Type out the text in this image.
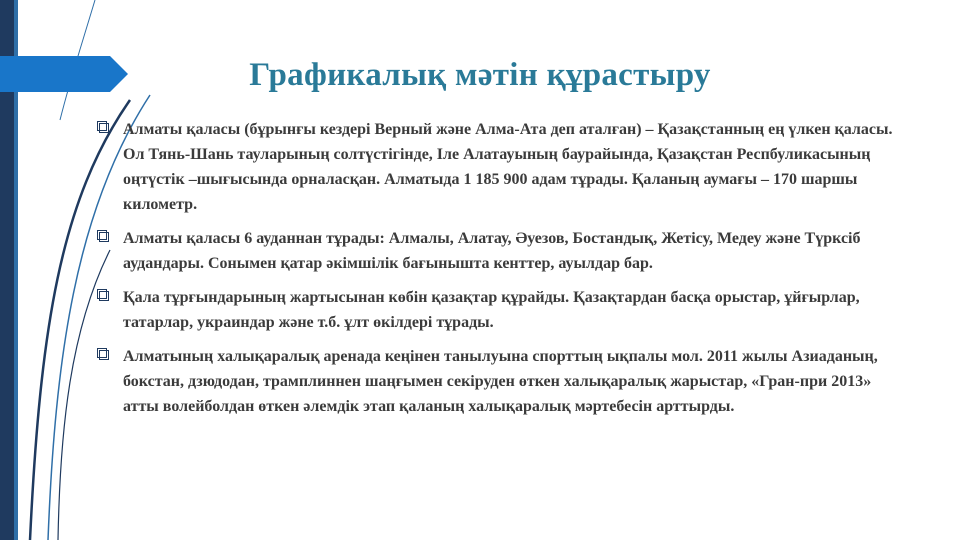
Графикалық мәтін құрастыру
Алматы қаласы (бұрынғы кездері Верный және Алма-Ата деп аталған) – Қазақстанның ең үлкен қаласы. Ол Тянь-Шань тауларының солтүстігінде, Іле Алатауының баурайында, Қазақстан Респбуликасының оңтүстік –шығысында орналасқан. Алматыда 1 185 900 адам тұрады. Қаланың аумағы – 170 шаршы километр.
Алматы қаласы 6 ауданнан тұрады: Алмалы, Алатау, Әуезов, Бостандық, Жетісу, Медеу және Түрксіб аудандары. Сонымен қатар әкімшілік бағынышта кенттер, ауылдар бар.
Қала тұрғындарының жартысынан көбін қазақтар құрайды. Қазақтардан басқа орыстар, ұйғырлар, татарлар, украиндар және т.б. ұлт өкілдері тұрады.
Алматының халықаралық аренада кеңінен танылуына спорттың ықпалы мол. 2011 жылы Азиаданың, бокстан, дзюдодан, трамплиннен шаңғымен секіруден өткен халықаралық жарыстар, «Гран-при 2013» атты волейболдан өткен әлемдік этап қаланың халықаралық мәртебесін арттырды.
